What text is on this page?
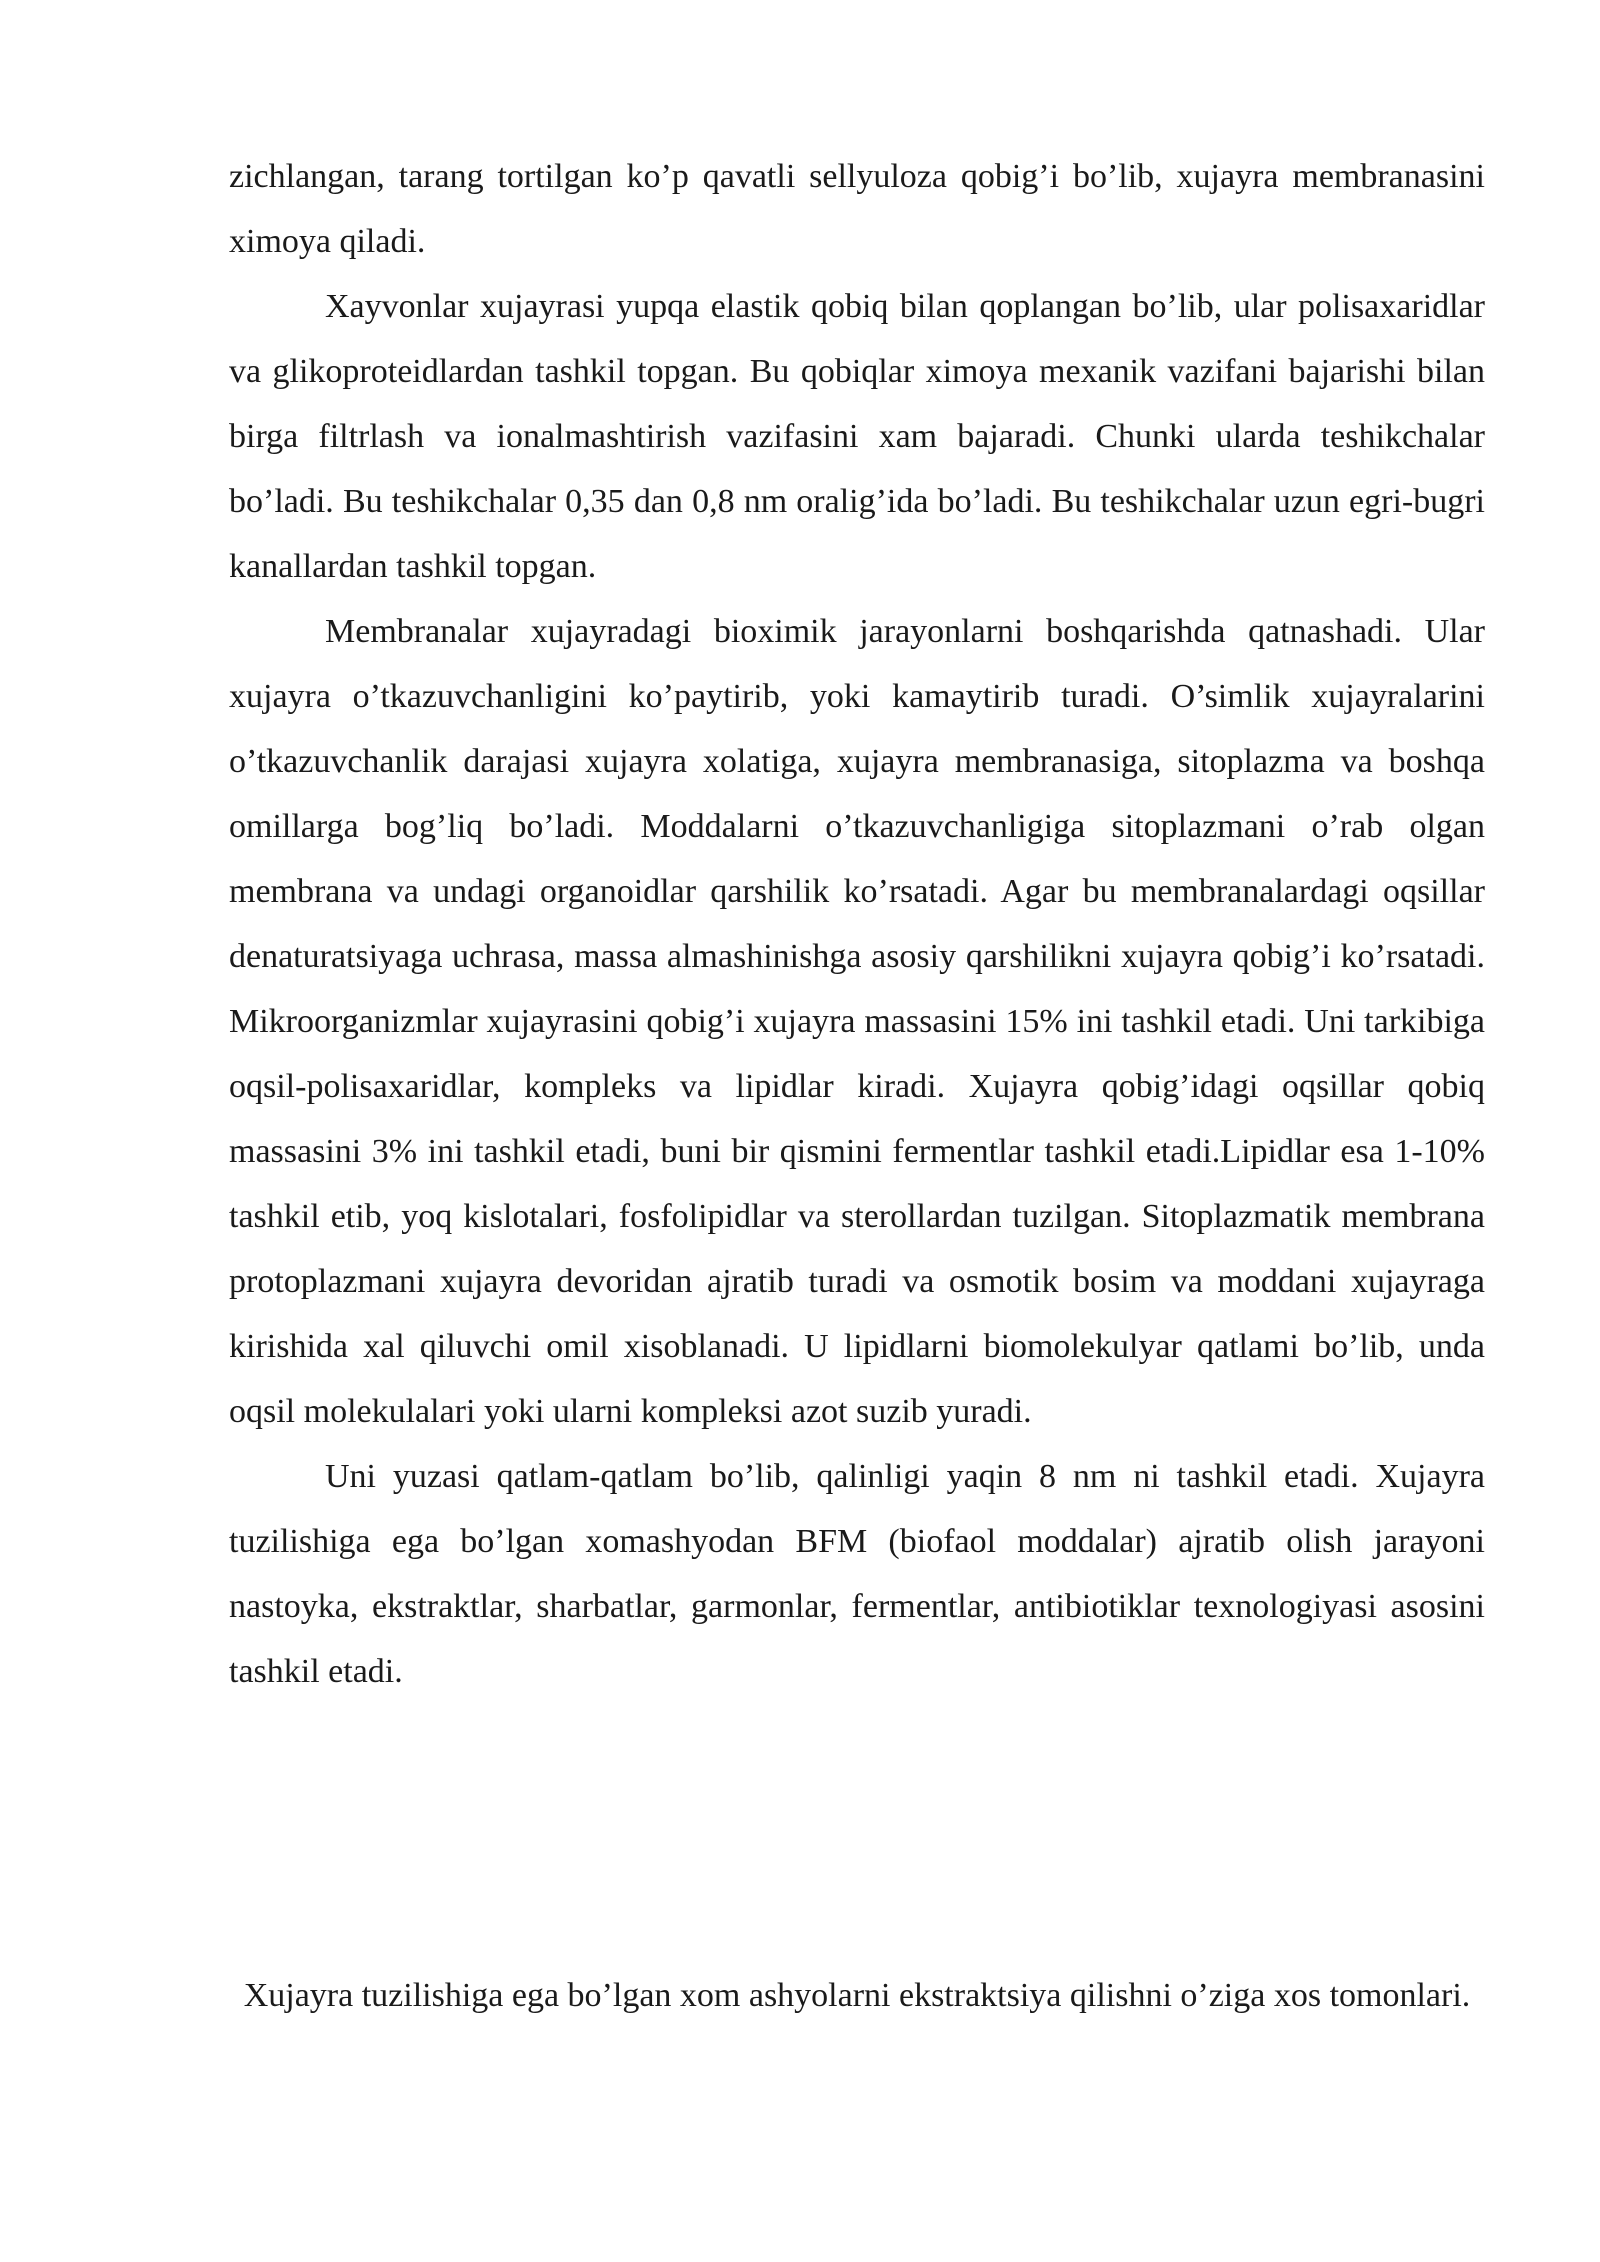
zichlangan, tarang tortilgan ko’p qavatli sellyuloza qobig’i bo’lib, xujayra membranasini ximoya qiladi.

Xayvonlar xujayrasi yupqa elastik qobiq bilan qoplangan bo’lib, ular polisaxaridlar va glikoproteidlardan tashkil topgan. Bu qobiqlar ximoya mexanik vazifani bajarishi bilan birga filtrlash va ionalmashtirish vazifasini xam bajaradi. Chunki ularda teshikchalar bo’ladi. Bu teshikchalar 0,35 dan 0,8 nm oralig’ida bo’ladi. Bu teshikchalar uzun egri-bugri kanallardan tashkil topgan.

Membranalar xujayradagi bioximik jarayonlarni boshqarishda qatnashadi. Ular xujayra o’tkazuvchanligini ko’paytirib, yoki kamaytirib turadi. O’simlik xujayralarini o’tkazuvchanlik darajasi xujayra xolatiga, xujayra membranasiga, sitoplazma va boshqa omillarga bog’liq bo’ladi. Moddalarni o’tkazuvchanligiga sitoplazmani o’rab olgan membrana va undagi organoidlar qarshilik ko’rsatadi. Agar bu membranalardagi oqsillar denaturatsiyaga uchrasa, massa almashinishga asosiy qarshilikni xujayra qobig’i ko’rsatadi. Mikroorganizmlar xujayrasini qobig’i xujayra massasini 15% ini tashkil etadi. Uni tarkibiga oqsil-polisaxaridlar, kompleks va lipidlar kiradi. Xujayra qobig’idagi oqsillar qobiq massasini 3% ini tashkil etadi, buni bir qismini fermentlar tashkil etadi.Lipidlar esa 1-10% tashkil etib, yoq kislotalari, fosfolipidlar va sterollardan tuzilgan. Sitoplazmatik membrana protoplazmani xujayra devoridan ajratib turadi va osmotik bosim va moddani xujayraga kirishida xal qiluvchi omil xisoblanadi. U lipidlarni biomolekulyar qatlami bo’lib, unda oqsil molekulalari yoki ularni kompleksi azot suzib yuradi.

Uni yuzasi qatlam-qatlam bo’lib, qalinligi yaqin 8 nm ni tashkil etadi. Xujayra tuzilishiga ega bo’lgan xomashyodan BFM (biofaol moddalar) ajratib olish jarayoni nastoyka, ekstraktlar, sharbatlar, garmonlar, fermentlar, antibiotiklar texnologiyasi asosini tashkil etadi.

Xujayra tuzilishiga ega bo’lgan xom ashyolarni ekstraktsiya qilishni o’ziga xos tomonlari.
